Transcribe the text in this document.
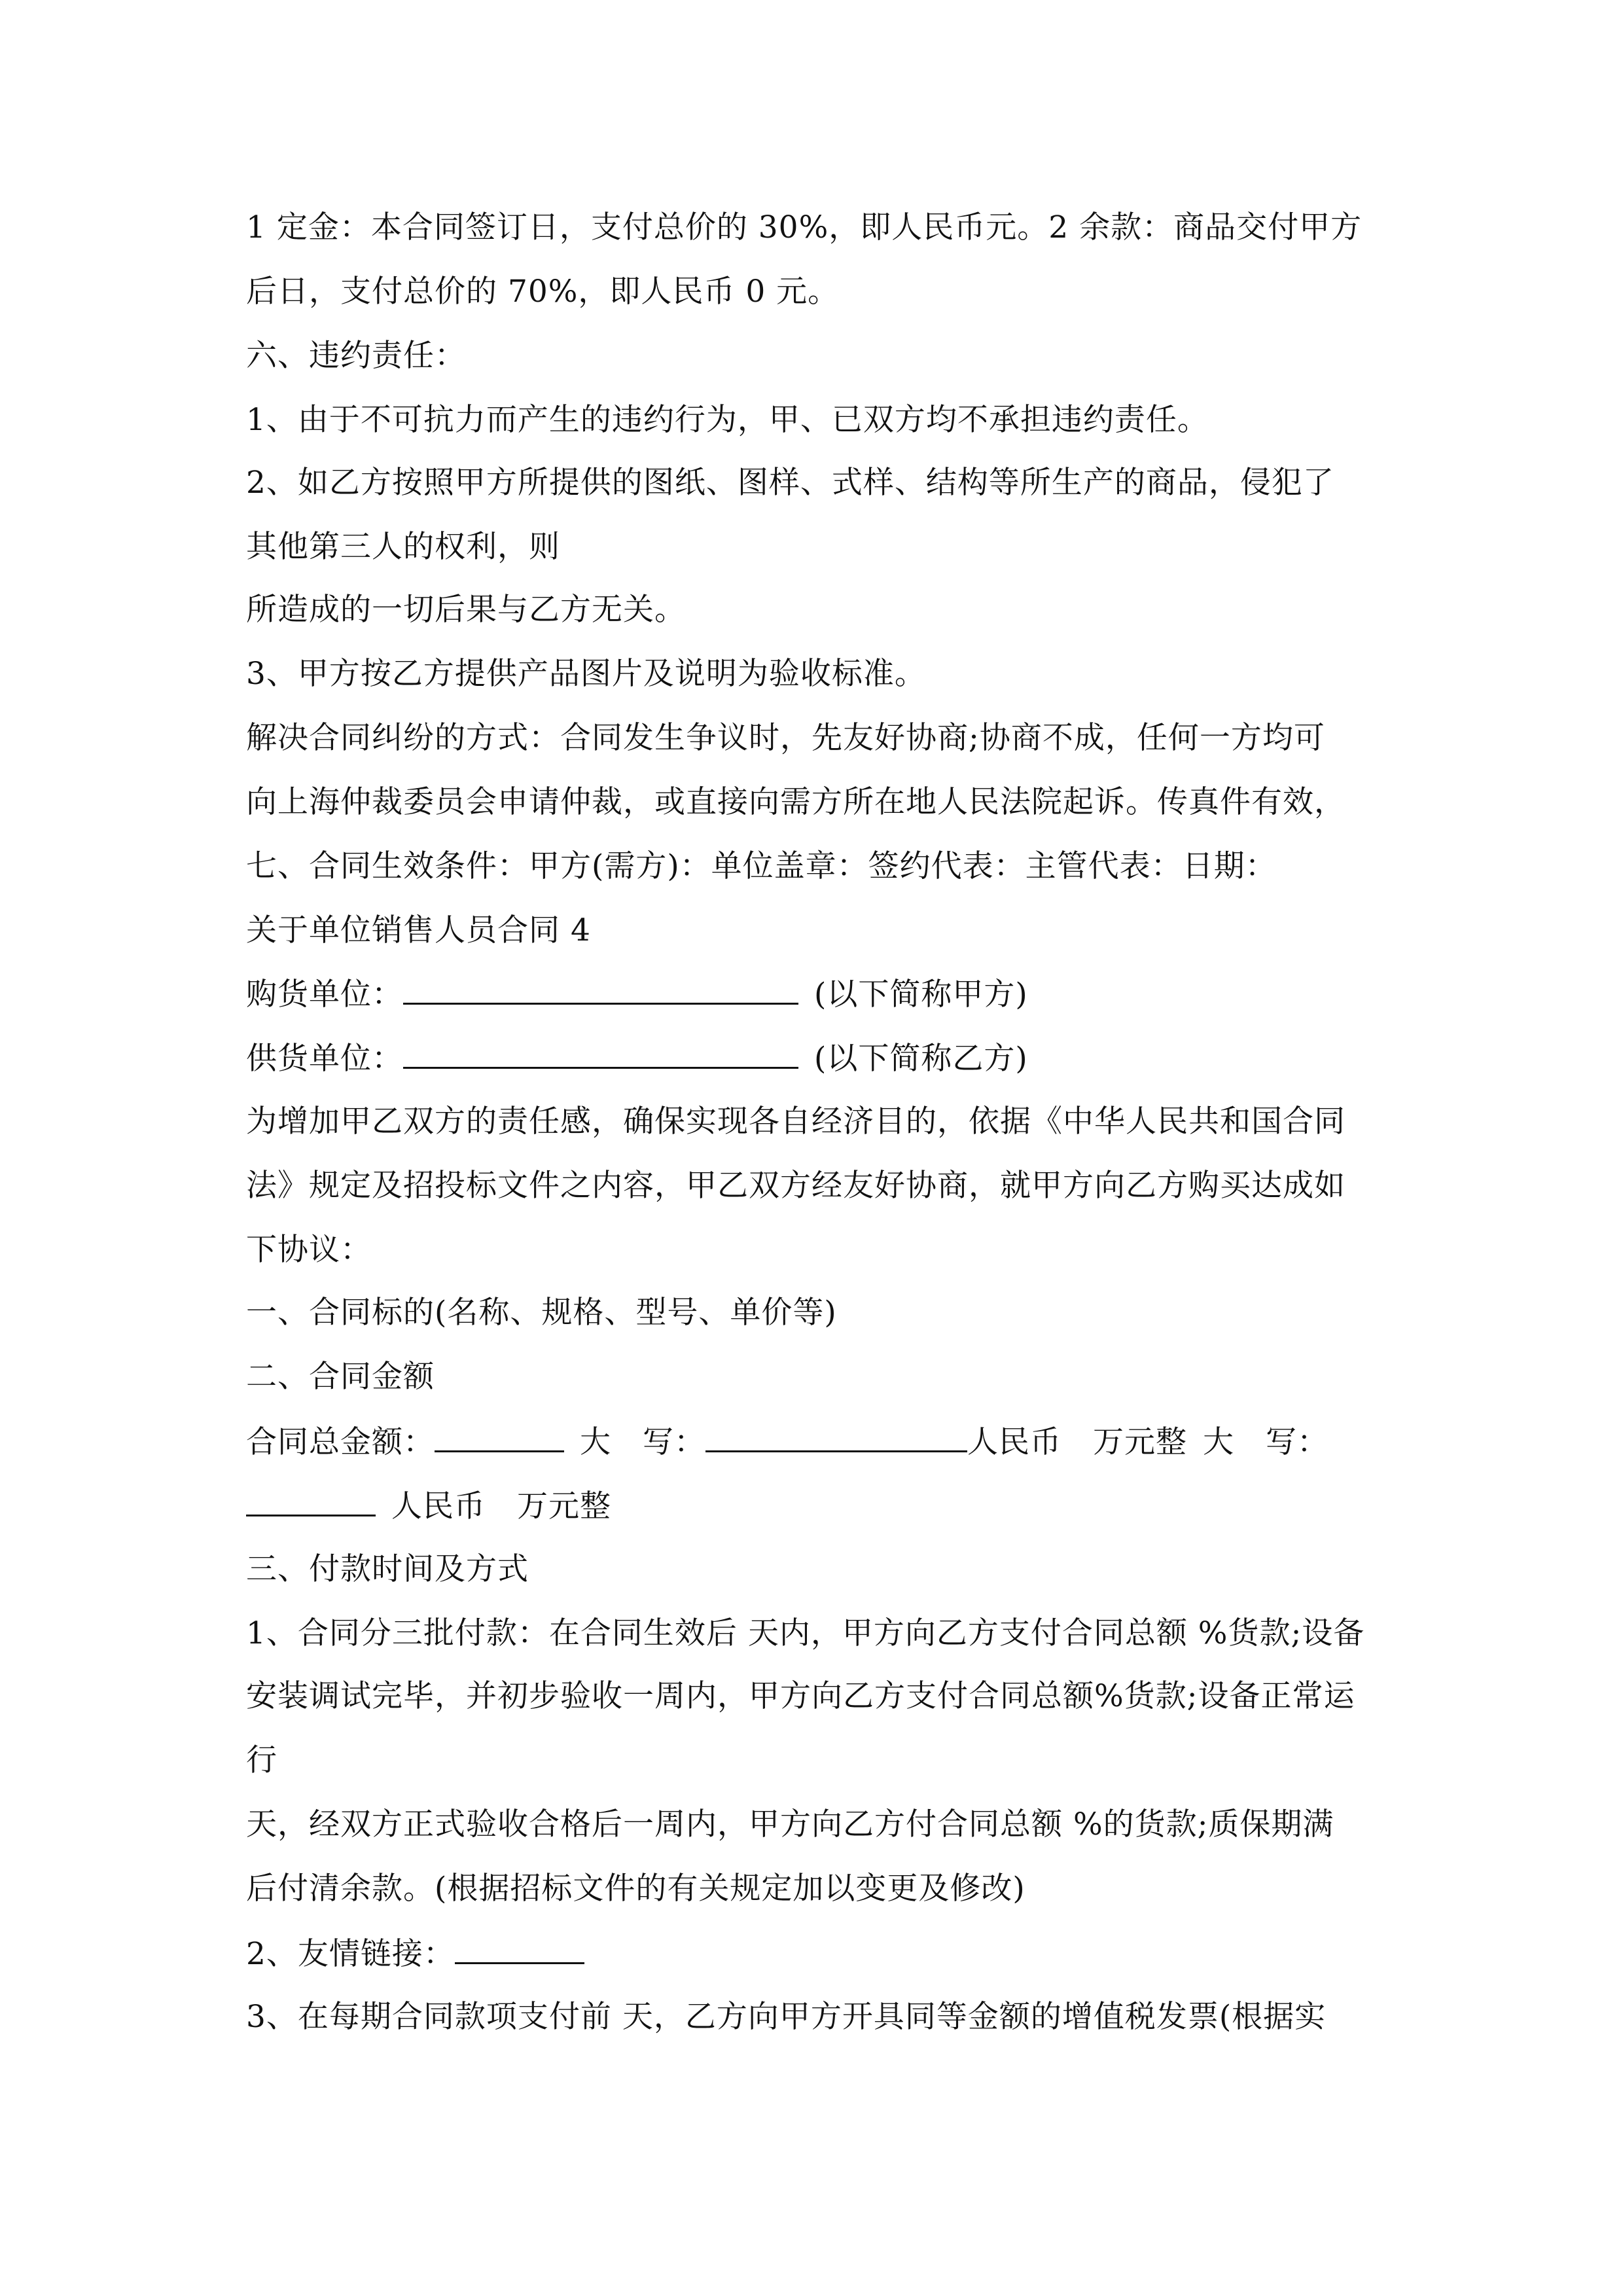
1 定金：本合同签订日，支付总价的 30%，即人民币元。2 余款：商品交付甲方
后日，支付总价的 70%，即人民币 0 元。
六、违约责任：
1、由于不可抗力而产生的违约行为，甲、已双方均不承担违约责任。
2、如乙方按照甲方所提供的图纸、图样、式样、结构等所生产的商品，侵犯了
其他第三人的权利，则
所造成的一切后果与乙方无关。
3、甲方按乙方提供产品图片及说明为验收标准。
解决合同纠纷的方式：合同发生争议时，先友好协商;协商不成，任何一方均可
向上海仲裁委员会申请仲裁，或直接向需方所在地人民法院起诉。传真件有效，
七、合同生效条件：甲方(需方)：单位盖章：签约代表：主管代表：日期：
关于单位销售人员合同 4
购货单位：	(以下简称甲方)
供货单位：	(以下简称乙方)
为增加甲乙双方的责任感，确保实现各自经济目的，依据《中华人民共和国合同
法》规定及招投标文件之内容，甲乙双方经友好协商，就甲方向乙方购买达成如
下协议：
一、合同标的(名称、规格、型号、单价等)
二、合同金额
合同总金额：	大　写：	人民币　万元整 大　写：
人民币　万元整
三、付款时间及方式
1、合同分三批付款：在合同生效后 天内，甲方向乙方支付合同总额 %货款;设备
安装调试完毕，并初步验收一周内，甲方向乙方支付合同总额%货款;设备正常运
行
天，经双方正式验收合格后一周内，甲方向乙方付合同总额 %的货款;质保期满
后付清余款。(根据招标文件的有关规定加以变更及修改)
2、友情链接：
3、在每期合同款项支付前 天，乙方向甲方开具同等金额的增值税发票(根据实
